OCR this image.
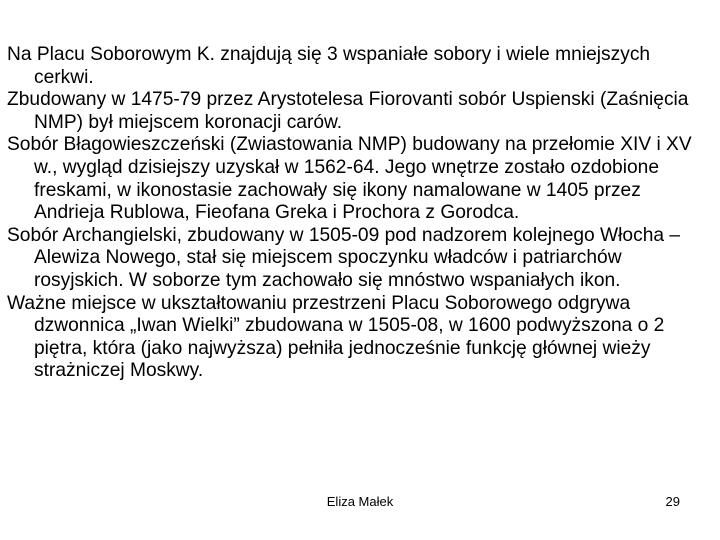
Na Placu Soborowym K. znajdują się 3 wspaniałe sobory i wiele mniejszych cerkwi.

Zbudowany w 1475-79 przez Arystotelesa Fiorovanti sobór Uspienski (Zaśnięcia NMP) był miejscem koronacji carów.

Sobór Błagowieszczeński (Zwiastowania NMP) budowany na przełomie XIV i XV w., wygląd dzisiejszy uzyskał w 1562-64. Jego wnętrze zostało ozdobione freskami, w ikonostasie zachowały się ikony namalowane w 1405 przez Andrieja Rublowa, Fieofana Greka i Prochora z Gorodca.

Sobór Archangielski, zbudowany w 1505-09 pod nadzorem kolejnego Włocha – Alewiza Nowego, stał się miejscem spoczynku władców i patriarchów rosyjskich. W soborze tym zachowało się mnóstwo wspaniałych ikon.

Ważne miejsce w ukształtowaniu przestrzeni Placu Soborowego odgrywa dzwonnica „Iwan Wielki” zbudowana w 1505-08, w 1600 podwyższona o 2 piętra, która (jako najwyższa) pełniła jednocześnie funkcję głównej wieży strażniczej Moskwy.

Eliza Małek	29
